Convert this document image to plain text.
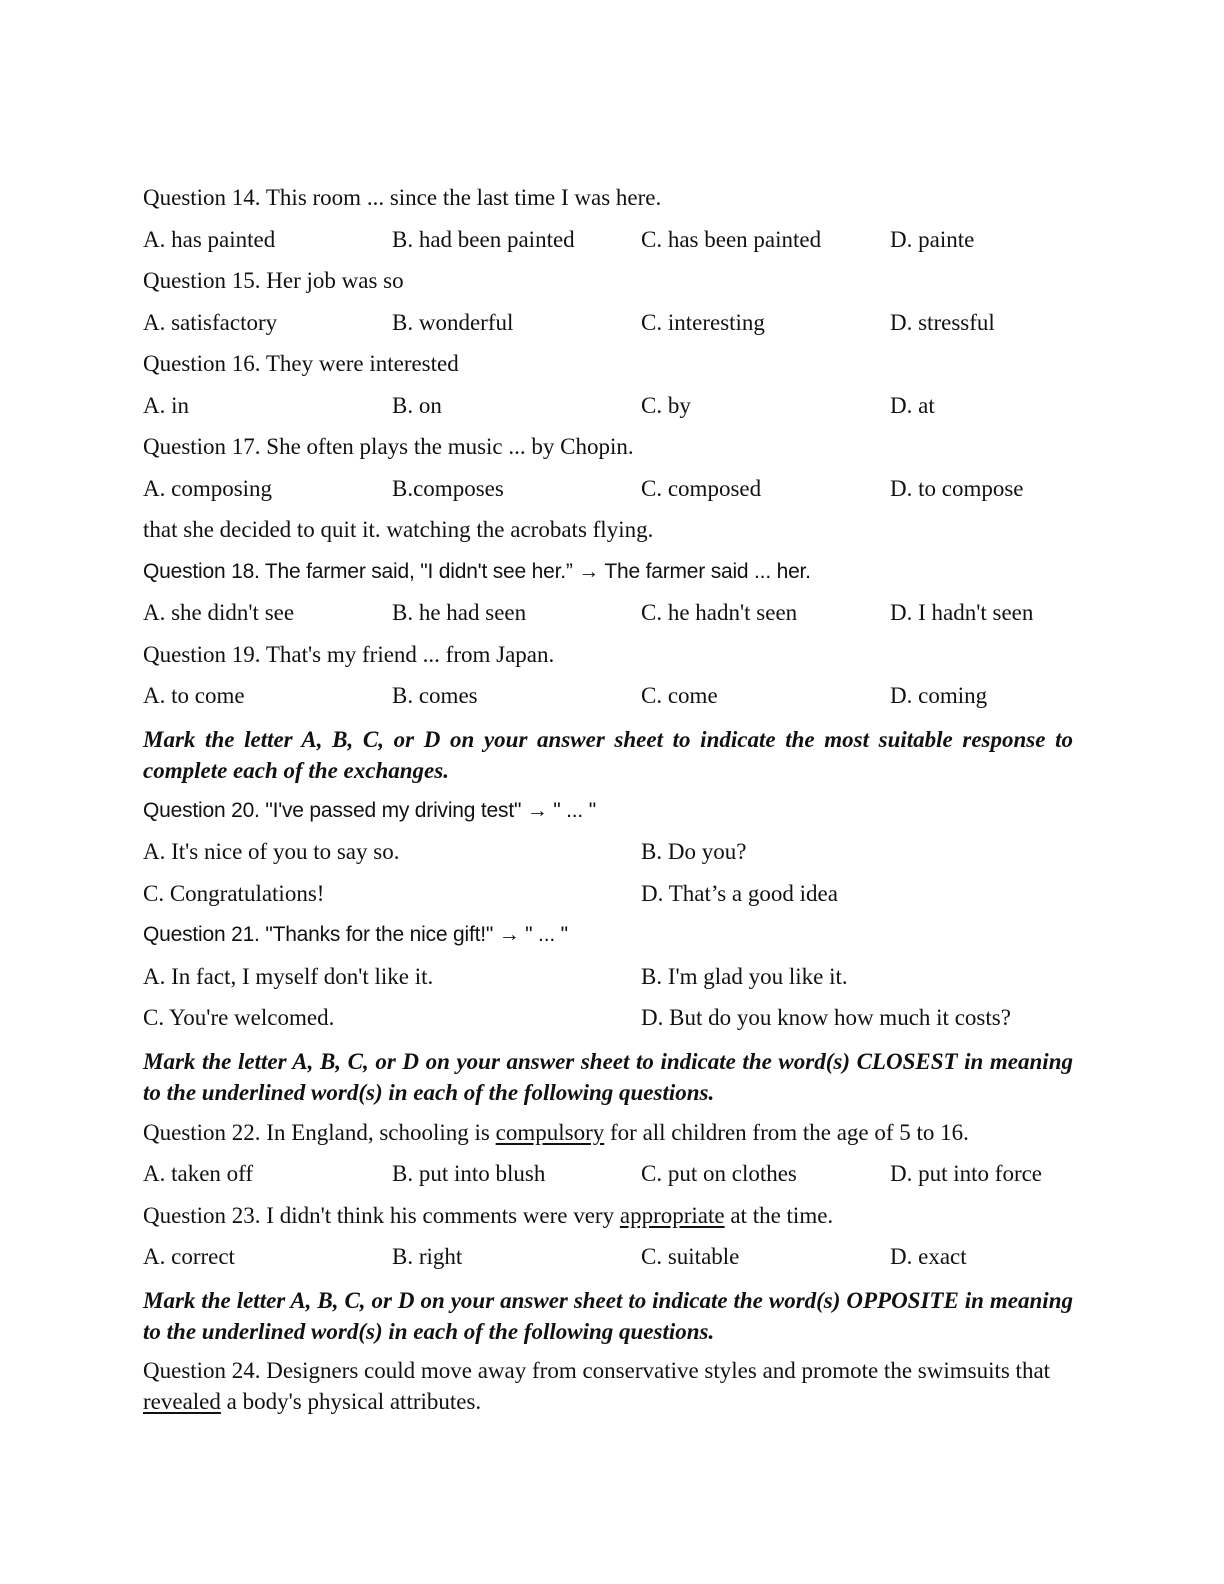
Question 14. This room ... since the last time I was here.
A. has painted	B. had been painted	C. has been painted	D. painte
Question 15. Her job was so
A. satisfactory	B. wonderful	C. interesting	D. stressful
Question 16. They were interested
A. in	B. on	C. by	D. at
Question 17. She often plays the music ... by Chopin.
A. composing	B.composes	C. composed	D. to compose
that she decided to quit it. watching the acrobats flying.
Question 18. The farmer said, "I didn't see her.” → The farmer said ... her.
A. she didn't see	B. he had seen	C. he hadn't seen	D. I hadn't seen
Question 19. That's my friend ... from Japan.
A. to come	B. comes	C. come	D. coming
Mark the letter A, B, C, or D on your answer sheet to indicate the most suitable response to complete each of the exchanges.
Question 20. "I've passed my driving test" → " ... "
A. It's nice of you to say so.	B. Do you?
C. Congratulations!	D. That’s a good idea
Question 21. "Thanks for the nice gift!" → " ... "
A. In fact, I myself don't like it.	B. I'm glad you like it.
C. You're welcomed.	D. But do you know how much it costs?
Mark the letter A, B, C, or D on your answer sheet to indicate the word(s) CLOSEST in meaning to the underlined word(s) in each of the following questions.
Question 22. In England, schooling is compulsory for all children from the age of 5 to 16.
A. taken off	B. put into blush	C. put on clothes	D. put into force
Question 23. I didn't think his comments were very appropriate at the time.
A. correct	B. right	C. suitable	D. exact
Mark the letter A, B, C, or D on your answer sheet to indicate the word(s) OPPOSITE in meaning to the underlined word(s) in each of the following questions.
Question 24. Designers could move away from conservative styles and promote the swimsuits that revealed a body's physical attributes.
